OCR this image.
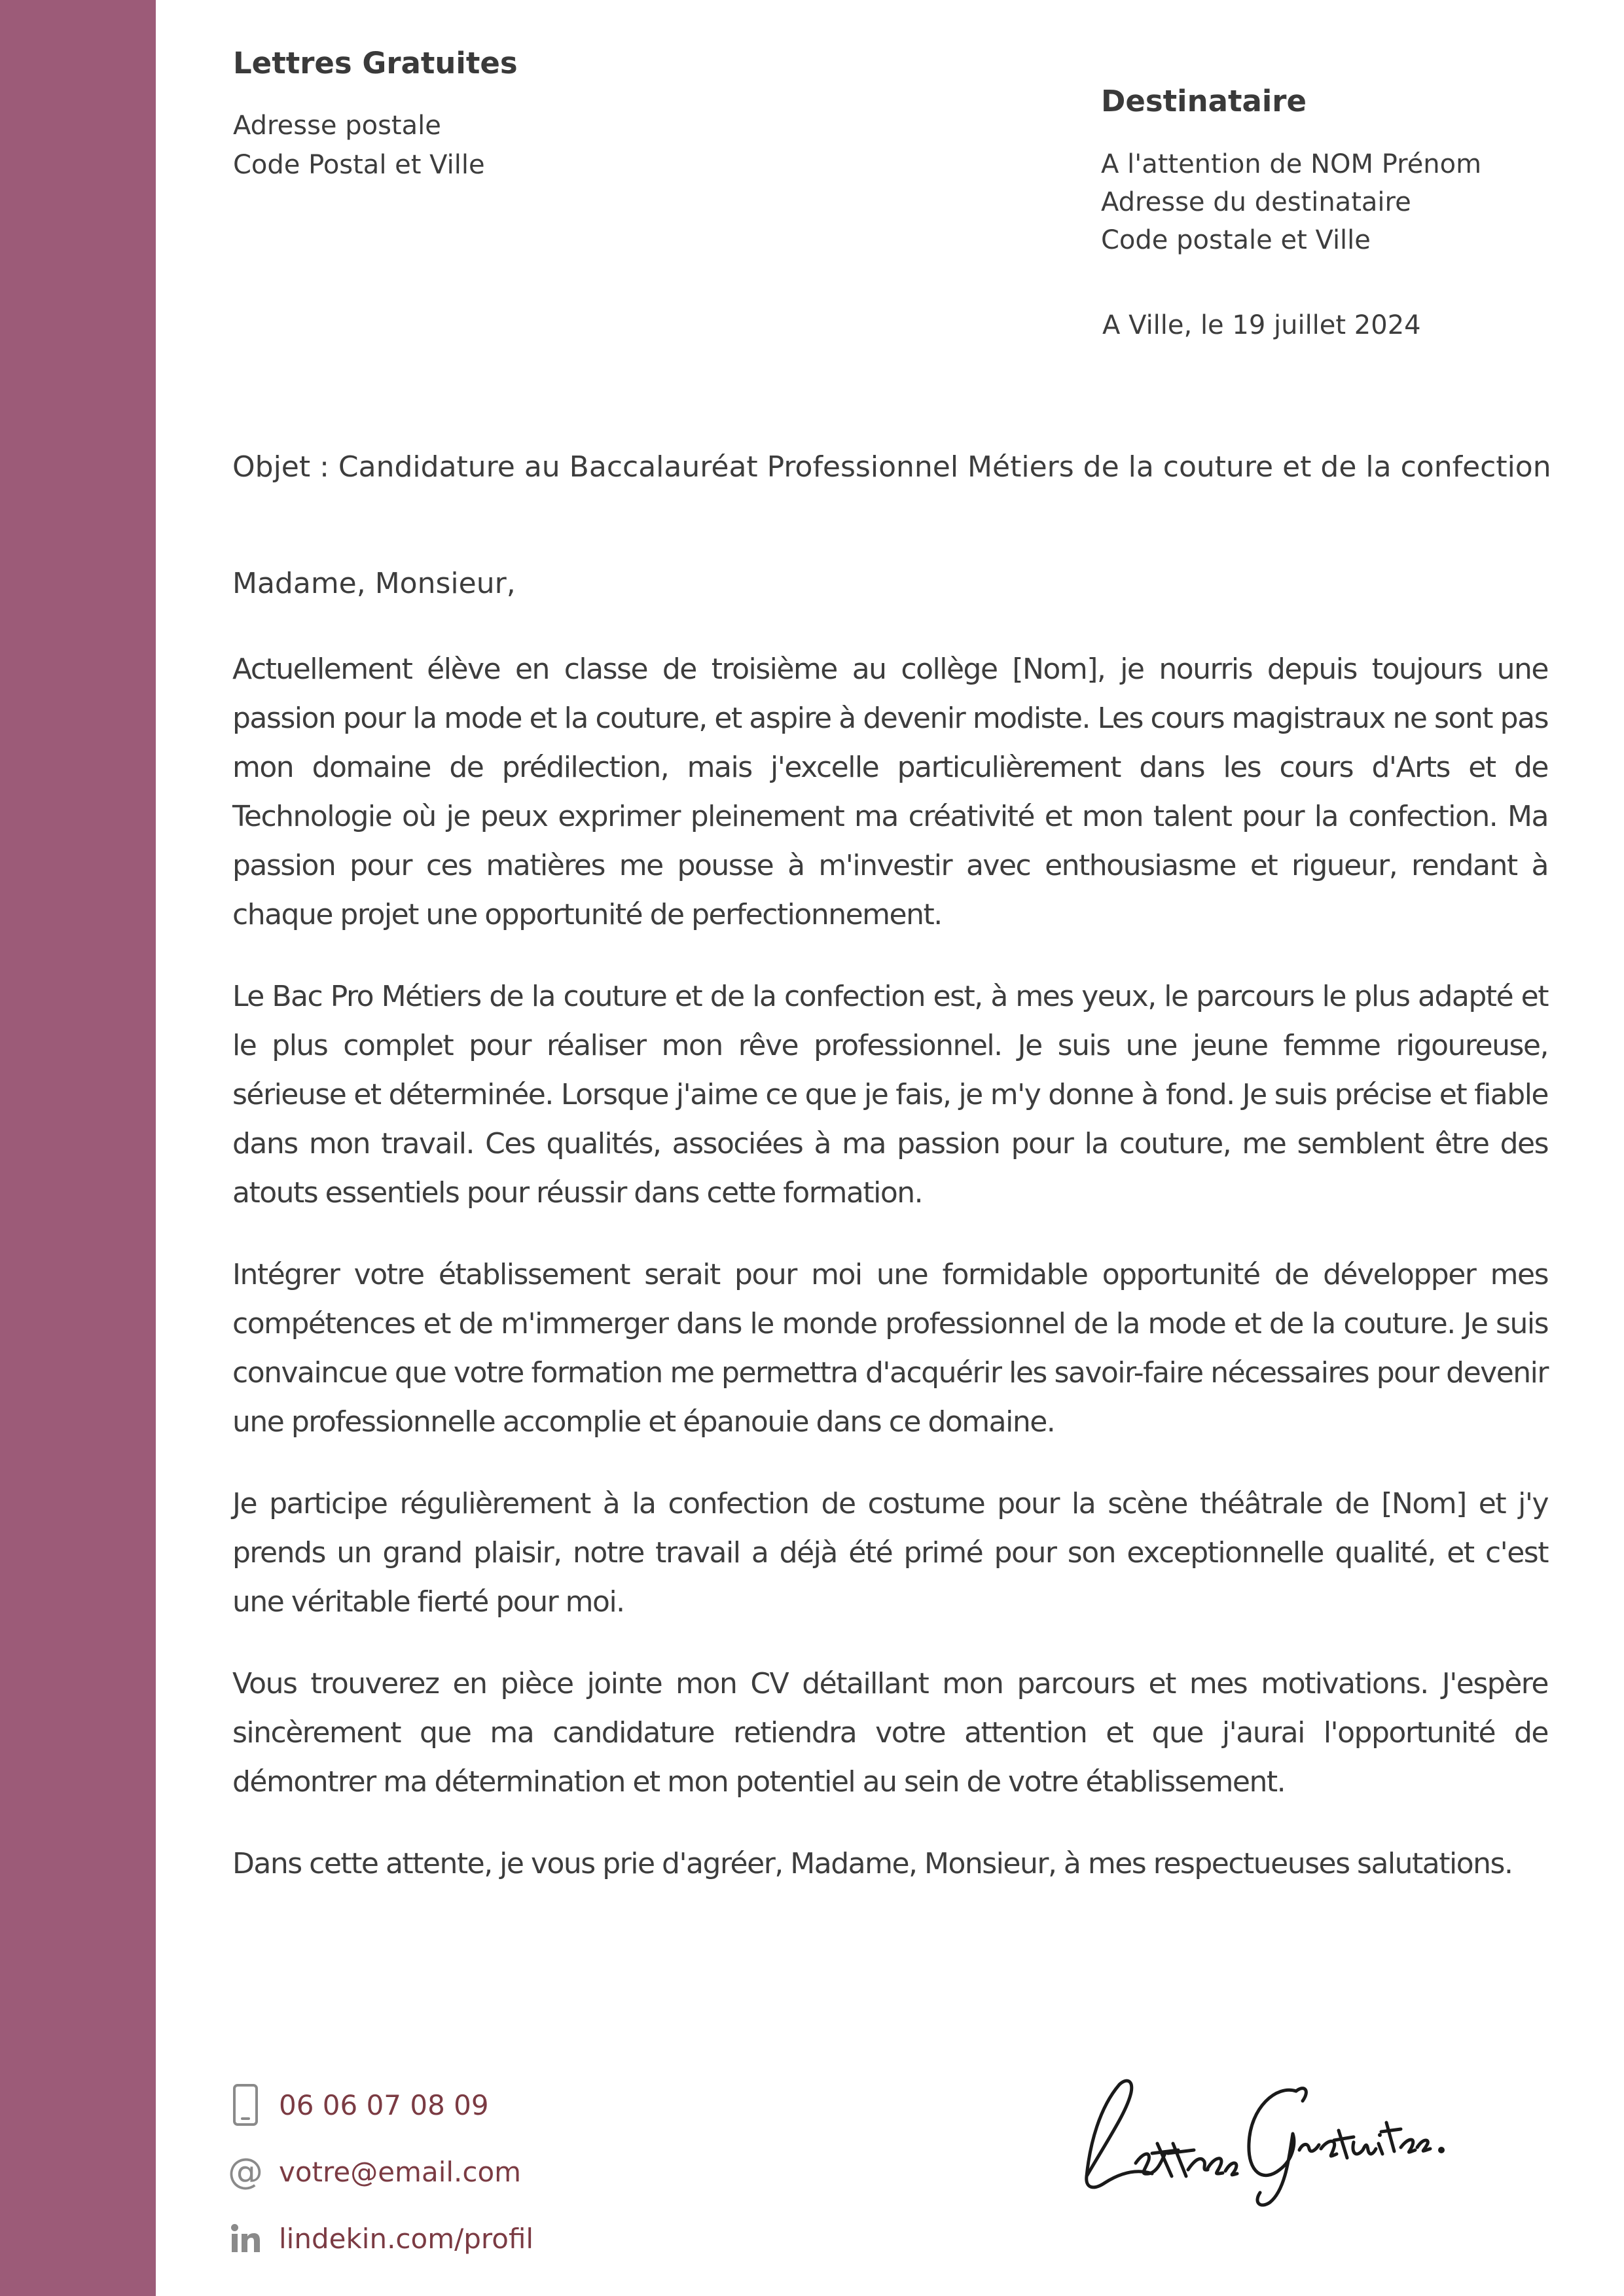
Lettres Gratuites
Adresse postale
Code Postal et Ville
Destinataire
A l'attention de NOM Prénom
Adresse du destinataire
Code postale et Ville
A Ville, le 19 juillet 2024
Objet : Candidature au Baccalauréat Professionnel Métiers de la couture et de la confection
Madame, Monsieur,

Actuellement élève en classe de troisième au collège [Nom], je nourris depuis toujours une passion pour la mode et la couture, et aspire à devenir modiste. Les cours magistraux ne sont pas mon domaine de prédilection, mais j'excelle particulièrement dans les cours d'Arts et de Technologie où je peux exprimer pleinement ma créativité et mon talent pour la confection. Ma passion pour ces matières me pousse à m'investir avec enthousiasme et rigueur, rendant à chaque projet une opportunité de perfectionnement.

Le Bac Pro Métiers de la couture et de la confection est, à mes yeux, le parcours le plus adapté et le plus complet pour réaliser mon rêve professionnel. Je suis une jeune femme rigoureuse, sérieuse et déterminée. Lorsque j'aime ce que je fais, je m'y donne à fond. Je suis précise et fiable dans mon travail. Ces qualités, associées à ma passion pour la couture, me semblent être des atouts essentiels pour réussir dans cette formation.

Intégrer votre établissement serait pour moi une formidable opportunité de développer mes compétences et de m'immerger dans le monde professionnel de la mode et de la couture. Je suis convaincue que votre formation me permettra d'acquérir les savoir-faire nécessaires pour devenir une professionnelle accomplie et épanouie dans ce domaine.

Je participe régulièrement à la confection de costume pour la scène théâtrale de [Nom] et j'y prends un grand plaisir, notre travail a déjà été primé pour son exceptionnelle qualité, et c'est une véritable fierté pour moi.

Vous trouverez en pièce jointe mon CV détaillant mon parcours et mes motivations. J'espère sincèrement que ma candidature retiendra votre attention et que j'aurai l'opportunité de démontrer ma détermination et mon potentiel au sein de votre établissement.

Dans cette attente, je vous prie d'agréer, Madame, Monsieur, à mes respectueuses salutations.

06 06 07 08 09
@ votre@email.com
lindekin.com/profil
